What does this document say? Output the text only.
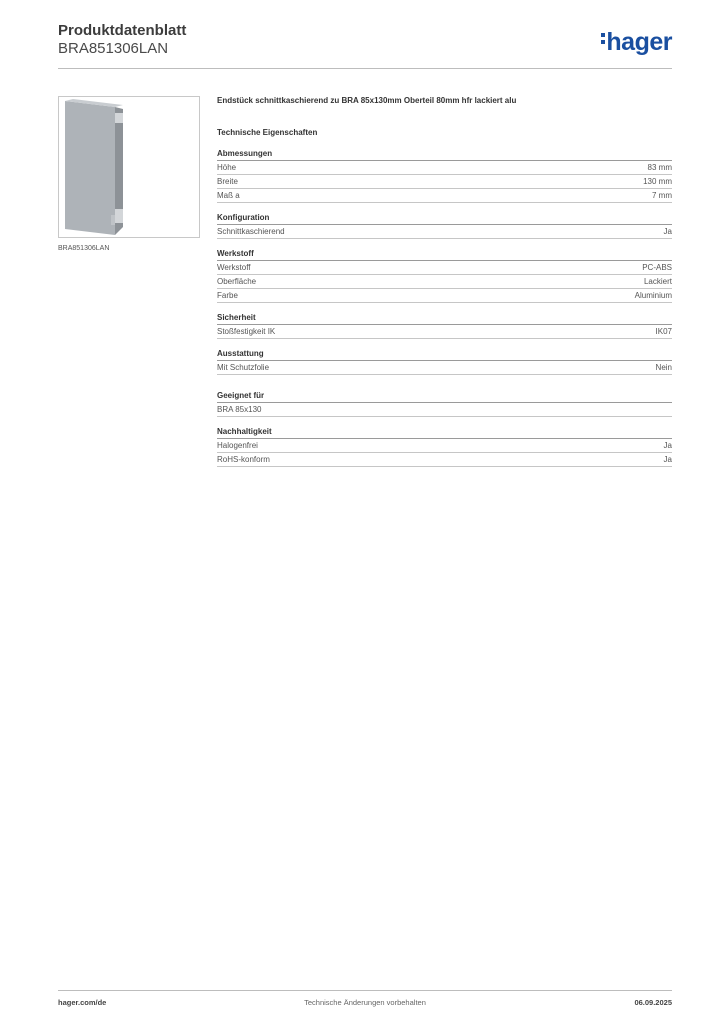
Produktdatenblatt
BRA851306LAN	hager
BRA851306LAN
Endstück schnittkaschierend zu BRA 85x130mm Oberteil 80mm hfr lackiert alu
Technische Eigenschaften
Abmessungen
Höhe	83 mm
Breite	130 mm
Maß a	7 mm
Konfiguration
Schnittkaschierend	Ja
Werkstoff
Werkstoff	PC-ABS
Oberfläche	Lackiert
Farbe	Aluminium
Sicherheit
Stoßfestigkeit IK	IK07
Ausstattung
Mit Schutzfolie	Nein
Geeignet für
BRA 85x130
Nachhaltigkeit
Halogenfrei	Ja
RoHS-konform	Ja
hager.com/de	Technische Änderungen vorbehalten	06.09.2025
